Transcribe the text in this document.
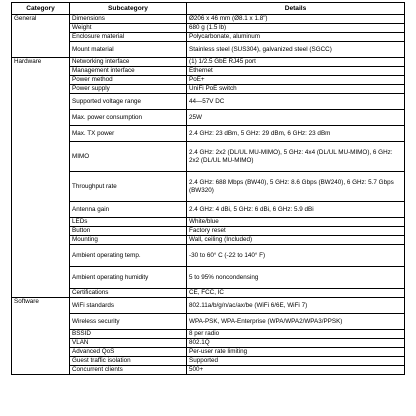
Category	Subcategory	Details
General	Dimensions	Ø206 x 46 mm (Ø8.1 x 1.8")
	Weight	680 g (1.5 lb)
	Enclosure material	Polycarbonate, aluminum
	Mount material	Stainless steel (SUS304), galvanized steel (SGCC)
Hardware	Networking interface	(1) 1/2.5 GbE RJ45 port
	Management interface	Ethernet
	Power method	PoE+
	Power supply	UniFi PoE switch
	Supported voltage range	44—57V DC
	Max. power consumption	25W
	Max. TX power	2.4 GHz: 23 dBm, 5 GHz: 29 dBm, 6 GHz: 23 dBm
	MIMO	2.4 GHz: 2x2 (DL/UL MU-MIMO), 5 GHz: 4x4 (DL/UL MU-MIMO), 6 GHz: 2x2 (DL/UL MU-MIMO)
	Throughput rate	2.4 GHz: 688 Mbps (BW40), 5 GHz: 8.6 Gbps (BW240), 6 GHz: 5.7 Gbps (BW320)
	Antenna gain	2.4 GHz: 4 dBi, 5 GHz: 6 dBi, 6 GHz: 5.9 dBi
	LEDs	White/blue
	Button	Factory reset
	Mounting	Wall, ceiling (Included)
	Ambient operating temp.	-30 to 60° C (-22 to 140° F)
	Ambient operating humidity	5 to 95% noncondensing
	Certifications	CE, FCC, IC
Software	WiFi standards	802.11a/b/g/n/ac/ax/be (WiFi 6/6E, WiFi 7)
	Wireless security	WPA-PSK, WPA-Enterprise (WPA/WPA2/WPA3/PPSK)
	BSSID	8 per radio
	VLAN	802.1Q
	Advanced QoS	Per-user rate limiting
	Guest traffic isolation	Supported
	Concurrent clients	500+
